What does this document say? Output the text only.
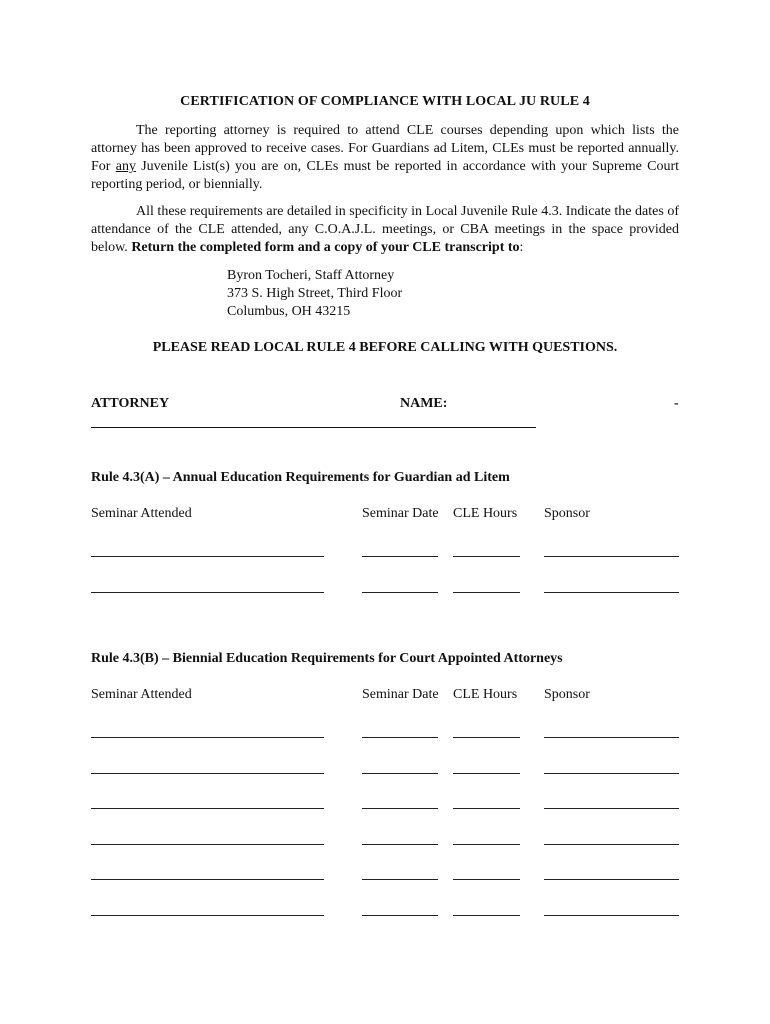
CERTIFICATION OF COMPLIANCE WITH LOCAL JU RULE 4

The reporting attorney is required to attend CLE courses depending upon which lists the attorney has been approved to receive cases. For Guardians ad Litem, CLEs must be reported annually. For any Juvenile List(s) you are on, CLEs must be reported in accordance with your Supreme Court reporting period, or biennially.

All these requirements are detailed in specificity in Local Juvenile Rule 4.3. Indicate the dates of attendance of the CLE attended, any C.O.A.J.L. meetings, or CBA meetings in the space provided below. Return the completed form and a copy of your CLE transcript to:

Byron Tocheri, Staff Attorney
373 S. High Street, Third Floor
Columbus, OH 43215
PLEASE READ LOCAL RULE 4 BEFORE CALLING WITH QUESTIONS.
ATTORNEY	NAME:	-
Rule 4.3(A) – Annual Education Requirements for Guardian ad Litem
Seminar Attended	Seminar Date CLE Hours Sponsor
Rule 4.3(B) – Biennial Education Requirements for Court Appointed Attorneys
Seminar Attended	Seminar Date CLE Hours Sponsor
